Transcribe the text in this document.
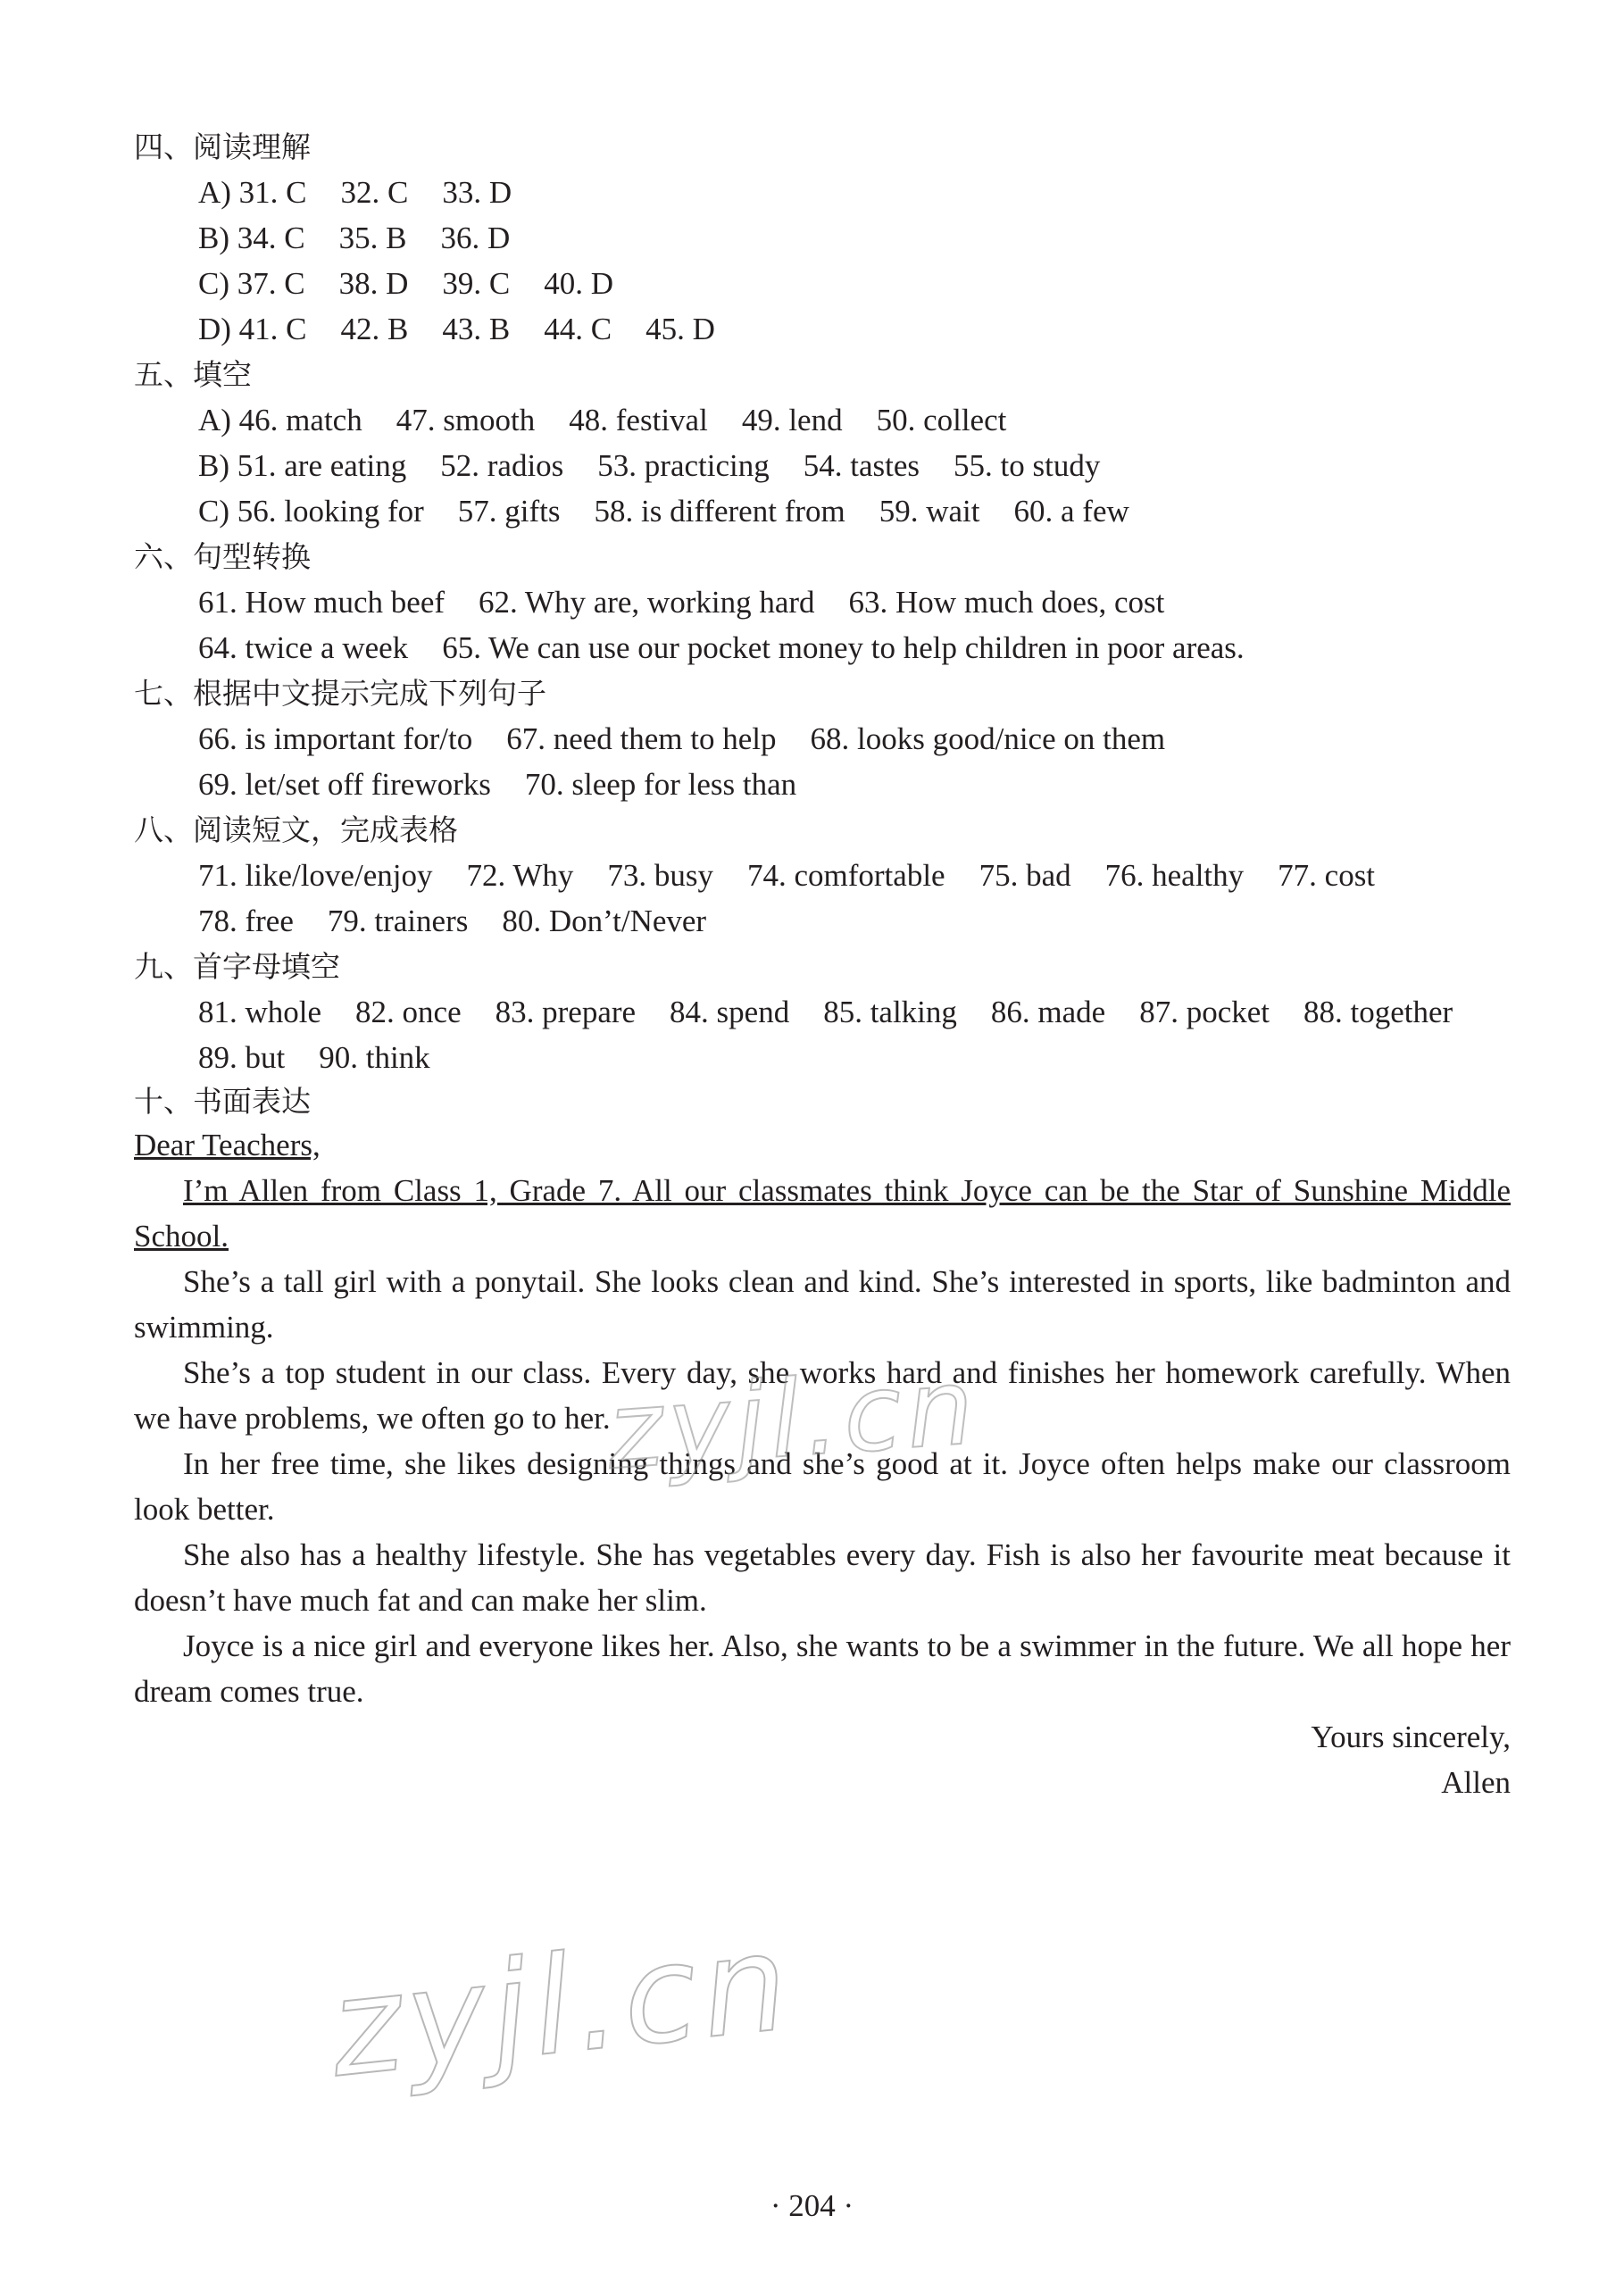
四、阅读理解
A) 31. C 32. C 33. D
B) 34. C 35. B 36. D
C) 37. C 38. D 39. C 40. D
D) 41. C 42. B 43. B 44. C 45. D
五、填空
A) 46. match 47. smooth 48. festival 49. lend 50. collect
B) 51. are eating 52. radios 53. practicing 54. tastes 55. to study
C) 56. looking for 57. gifts 58. is different from 59. wait 60. a few
六、句型转换
61. How much beef 62. Why are, working hard 63. How much does, cost
64. twice a week 65. We can use our pocket money to help children in poor areas.
七、根据中文提示完成下列句子
66. is important for/to 67. need them to help 68. looks good/nice on them
69. let/set off fireworks 70. sleep for less than
八、阅读短文，完成表格
71. like/love/enjoy 72. Why 73. busy 74. comfortable 75. bad 76. healthy 77. cost
78. free 79. trainers 80. Don’t/Never
九、首字母填空
81. whole 82. once 83. prepare 84. spend 85. talking 86. made 87. pocket 88. together
89. but 90. think
十、书面表达
Dear Teachers,

I’m Allen from Class 1, Grade 7. All our classmates think Joyce can be the Star of Sunshine Middle School.

She’s a tall girl with a ponytail. She looks clean and kind. She’s interested in sports, like badminton and swimming.

She’s a top student in our class. Every day, she works hard and finishes her homework carefully. When we have problems, we often go to her.

In her free time, she likes designing things and she’s good at it. Joyce often helps make our classroom look better.

She also has a healthy lifestyle. She has vegetables every day. Fish is also her favourite meat because it doesn’t have much fat and can make her slim.

Joyce is a nice girl and everyone likes her. Also, she wants to be a swimmer in the future. We all hope her dream comes true.

Yours sincerely,
Allen
zyjl.cn
zyjl.cn
· 204 ·
